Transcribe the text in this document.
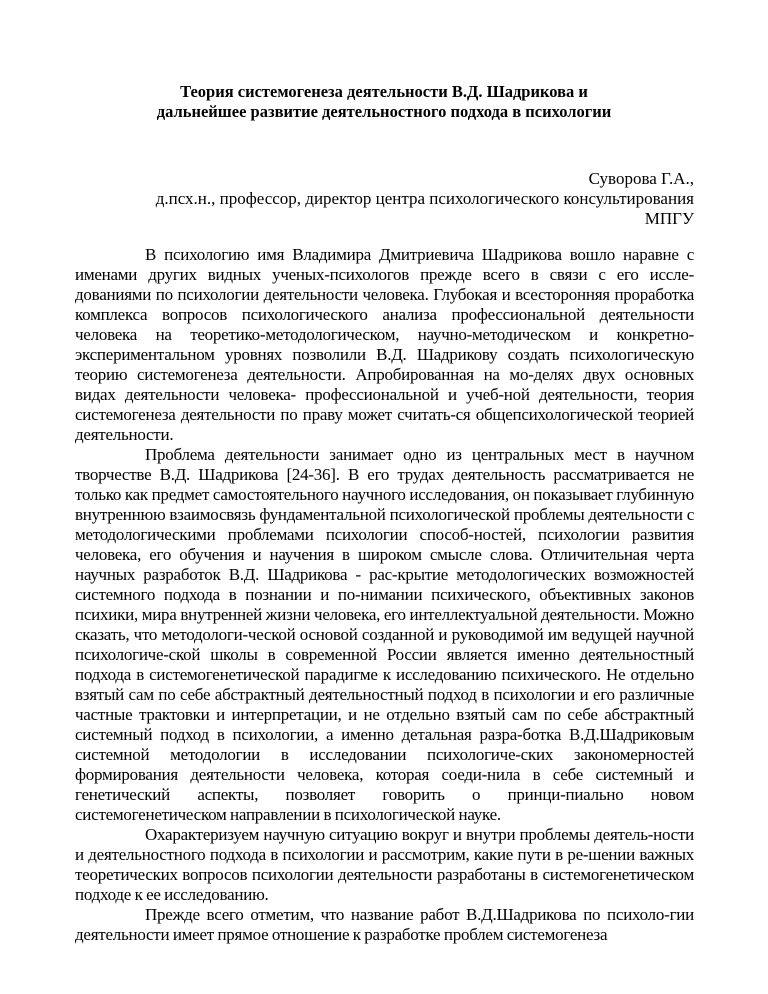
Теория системогенеза деятельности В.Д. Шадрикова и
дальнейшее развитие деятельностного подхода в психологии
Суворова Г.А.,
д.псх.н., профессор, директор центра психологического консультирования
МПГУ

В психологию имя Владимира Дмитриевича Шадрикова вошло наравне с именами других видных ученых-психологов прежде всего в связи с его иссле-дованиями по психологии деятельности человека. Глубокая и всесторонняя проработка комплекса вопросов психологического анализа профессиональной деятельности человека на теоретико-методологическом, научно-методическом и конкретно-экспериментальном уровнях позволили В.Д. Шадрикову создать психологическую теорию системогенеза деятельности. Апробированная на мо-делях двух основных видах деятельности человека- профессиональной и учеб-ной деятельности, теория системогенеза деятельности по праву может считать-ся общепсихологической теорией деятельности.

Проблема деятельности занимает одно из центральных мест в научном творчестве В.Д. Шадрикова [24-36]. В его трудах деятельность рассматривается не только как предмет самостоятельного научного исследования, он показывает глубинную внутреннюю взаимосвязь фундаментальной психологической проблемы деятельности с методологическими проблемами психологии способ-ностей, психологии развития человека, его обучения и научения в широком смысле слова. Отличительная черта научных разработок В.Д. Шадрикова - рас-крытие методологических возможностей системного подхода в познании и по-нимании психического, объективных законов психики, мира внутренней жизни человека, его интеллектуальной деятельности. Можно сказать, что методологи-ческой основой созданной и руководимой им ведущей научной психологиче-ской школы в современной России является именно деятельностный подхода в системогенетической парадигме к исследованию психического. Не отдельно взятый сам по себе абстрактный деятельностный подход в психологии и его различные частные трактовки и интерпретации, и не отдельно взятый сам по себе абстрактный системный подход в психологии, а именно детальная разра-ботка В.Д.Шадриковым системной методологии в исследовании психологиче-ских закономерностей формирования деятельности человека, которая соеди-нила в себе системный и генетический аспекты, позволяет говорить о принци-пиально новом системогенетическом направлении в психологической науке.

Охарактеризуем научную ситуацию вокруг и внутри проблемы деятель-ности и деятельностного подхода в психологии и рассмотрим, какие пути в ре-шении важных теоретических вопросов психологии деятельности разработаны в системогенетическом подходе к ее исследованию.

Прежде всего отметим, что название работ В.Д.Шадрикова по психоло-гии деятельности имеет прямое отношение к разработке проблем системогенеза
